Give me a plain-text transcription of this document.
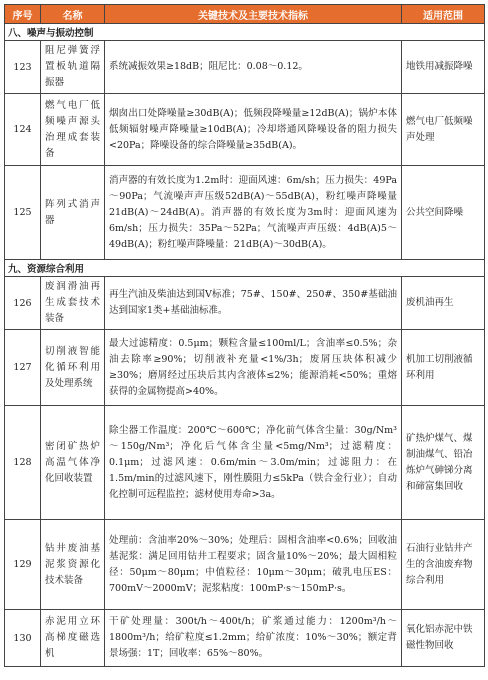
序号	名称	关键技术及主要技术指标	适用范围
八、噪声与振动控制			
123	阻尼弹簧浮置板轨道隔振器	系统减振效果≥18dB；阻尼比：0.08～0.12。	地铁用减振降噪
124	燃气电厂低频噪声源头治理成套装备	烟囱出口处降噪量≥30dB(A)；低频段降噪量≥12dB(A)；锅炉本体低频辐射噪声降噪量≥10dB(A)；冷却塔通风降噪设备的阻力损失<20Pa；降噪设备的综合降噪量≥35dB(A)。	燃气电厂低频噪声处理
125	阵列式消声器	消声器的有效长度为1.2m时：迎面风速：6m/sh；压力损失：49Pa～90Pa；气流噪声声压级52dB(A)～55dB(A)，粉红噪声降噪量21dB(A)～24dB(A)。消声器的有效长度为3m时：迎面风速为6m/sh；压力损失：35Pa～52Pa；气流噪声声压级：4dB(A)5～49dB(A)；粉红噪声降噪量：21dB(A)～30dB(A)。	公共空间降噪
九、资源综合利用			
126	废润滑油再生成套技术装备	再生汽油及柴油达到国Ⅴ标准；75#、150#、250#、350#基础油达到国家1类+基础油标准。	废机油再生
127	切削液智能化循环利用及处理系统	最大过滤精度：0.5μm；颗粒含量≤100ml/L；含油率≤0.5%；杂油去除率≥90%；切削液补充量<1%/3h；废屑压块体积减少≥30%；磨屑经过压块后其内含液体≤2%；能源消耗<50%；重熔获得的金属物提高>40%。	机加工切削液循环利用
128	密闭矿热炉高温气体净化回收装置	除尘器工作温度：200℃～600℃；净化前气体含尘量：30g/Nm³～150g/Nm³；净化后气体含尘量<5mg/Nm³；过滤精度：0.1μm；过滤风速：0.6m/min～3.0m/min；过滤阻力：在1.5m/min的过滤风速下，刚性膜阻力≤5kPa（铁合金行业）；自动化控制可远程监控；滤材使用寿命>3a。	矿热炉煤气、煤制油煤气、铅冶炼炉气砷锑分离和碲富集回收
129	钻井废油基泥浆资源化技术装备	处理前：含油率20%～30%；处理后：固相含油率<0.6%；回收油基泥浆：满足回用钻井工程要求；固含量10%～20%；最大固相粒径：50μm～80μm；中值粒径：10μm～30μm；破乳电压ES：700mV～2000mV；泥浆粘度：100mP·s～150mP·s。	石油行业钻井产生的含油废弃物综合利用
130	赤泥用立环高梯度磁选机	干矿处理量：300t/h～400t/h；矿浆通过能力：1200m³/h～1800m³/h；给矿粒度≤1.2mm；给矿浓度：10%～30%；额定背景场强：1T；回收率：65%～80%。	氧化铝赤泥中铁磁性物回收
